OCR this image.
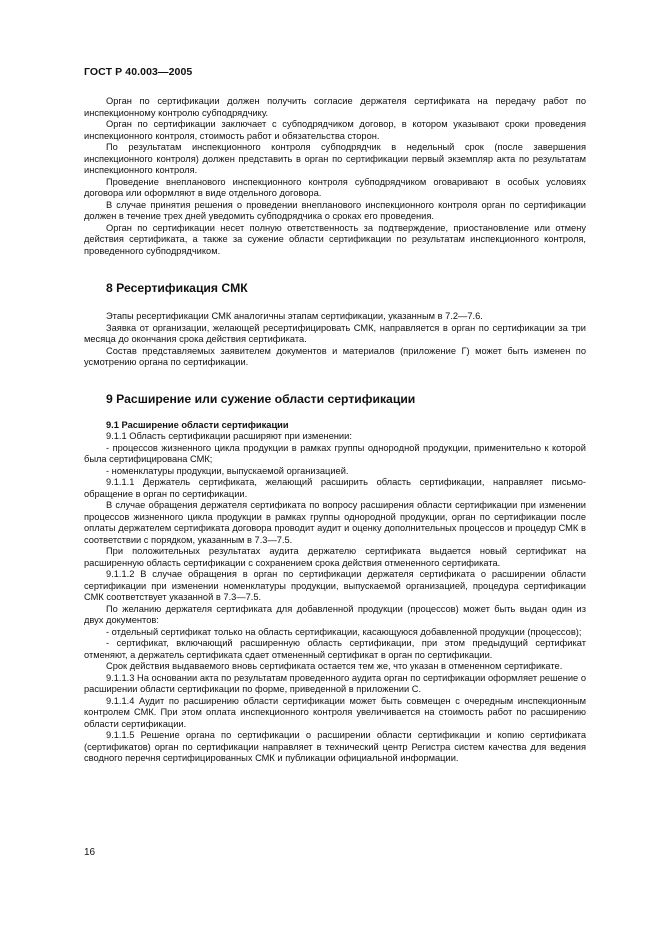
ГОСТ Р 40.003—2005

Орган по сертификации должен получить согласие держателя сертификата на передачу работ по инспекционному контролю субподрядчику.

Орган по сертификации заключает с субподрядчиком договор, в котором указывают сроки проведения инспекционного контроля, стоимость работ и обязательства сторон.

По результатам инспекционного контроля субподрядчик в недельный срок (после завершения инспекционного контроля) должен представить в орган по сертификации первый экземпляр акта по результатам инспекционного контроля.

Проведение внепланового инспекционного контроля субподрядчиком оговаривают в особых условиях договора или оформляют в виде отдельного договора.

В случае принятия решения о проведении внепланового инспекционного контроля орган по сертификации должен в течение трех дней уведомить субподрядчика о сроках его проведения.

Орган по сертификации несет полную ответственность за подтверждение, приостановление или отмену действия сертификата, а также за сужение области сертификации по результатам инспекционного контроля, проведенного субподрядчиком.

8 Ресертификация СМК

Этапы ресертификации СМК аналогичны этапам сертификации, указанным в 7.2—7.6.

Заявка от организации, желающей ресертифицировать СМК, направляется в орган по сертификации за три месяца до окончания срока действия сертификата.

Состав представляемых заявителем документов и материалов (приложение Г) может быть изменен по усмотрению органа по сертификации.

9 Расширение или сужение области сертификации
9.1 Расширение области сертификации

9.1.1 Область сертификации расширяют при изменении:

- процессов жизненного цикла продукции в рамках группы однородной продукции, применительно к которой была сертифицирована СМК;

- номенклатуры продукции, выпускаемой организацией.

9.1.1.1 Держатель сертификата, желающий расширить область сертификации, направляет письмо-обращение в орган по сертификации.

В случае обращения держателя сертификата по вопросу расширения области сертификации при изменении процессов жизненного цикла продукции в рамках группы однородной продукции, орган по сертификации после оплаты держателем сертификата договора проводит аудит и оценку дополнительных процессов и процедур СМК в соответствии с порядком, указанным в 7.3—7.5.

При положительных результатах аудита держателю сертификата выдается новый сертификат на расширенную область сертификации с сохранением срока действия отмененного сертификата.

9.1.1.2 В случае обращения в орган по сертификации держателя сертификата о расширении области сертификации при изменении номенклатуры продукции, выпускаемой организацией, процедура сертификации СМК соответствует указанной в 7.3—7.5.

По желанию держателя сертификата для добавленной продукции (процессов) может быть выдан один из двух документов:

- отдельный сертификат только на область сертификации, касающуюся добавленной продукции (процессов);

- сертификат, включающий расширенную область сертификации, при этом предыдущий сертификат отменяют, а держатель сертификата сдает отмененный сертификат в орган по сертификации.

Срок действия выдаваемого вновь сертификата остается тем же, что указан в отмененном сертификате.

9.1.1.3 На основании акта по результатам проведенного аудита орган по сертификации оформляет решение о расширении области сертификации по форме, приведенной в приложении С.

9.1.1.4 Аудит по расширению области сертификации может быть совмещен с очередным инспекционным контролем СМК. При этом оплата инспекционного контроля увеличивается на стоимость работ по расширению области сертификации.

9.1.1.5 Решение органа по сертификации о расширении области сертификации и копию сертификата (сертификатов) орган по сертификации направляет в технический центр Регистра систем качества для ведения сводного перечня сертифицированных СМК и публикации официальной информации.

16
